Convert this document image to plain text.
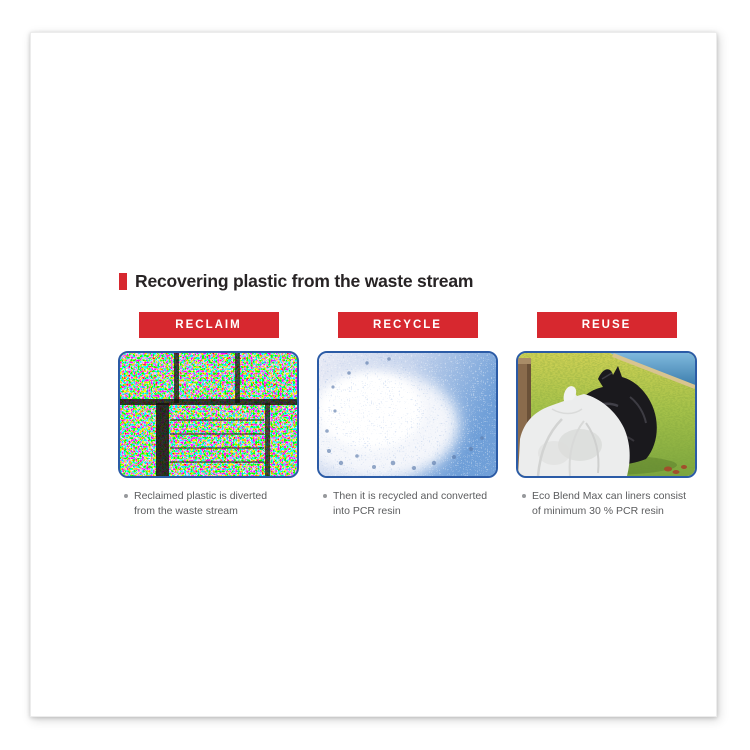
Recovering plastic from the waste stream
RECLAIM
Reclaimed plastic is diverted
from the waste stream
RECYCLE
Then it is recycled and converted
into PCR resin
REUSE
Eco Blend Max can liners consist
of minimum 30 % PCR resin
